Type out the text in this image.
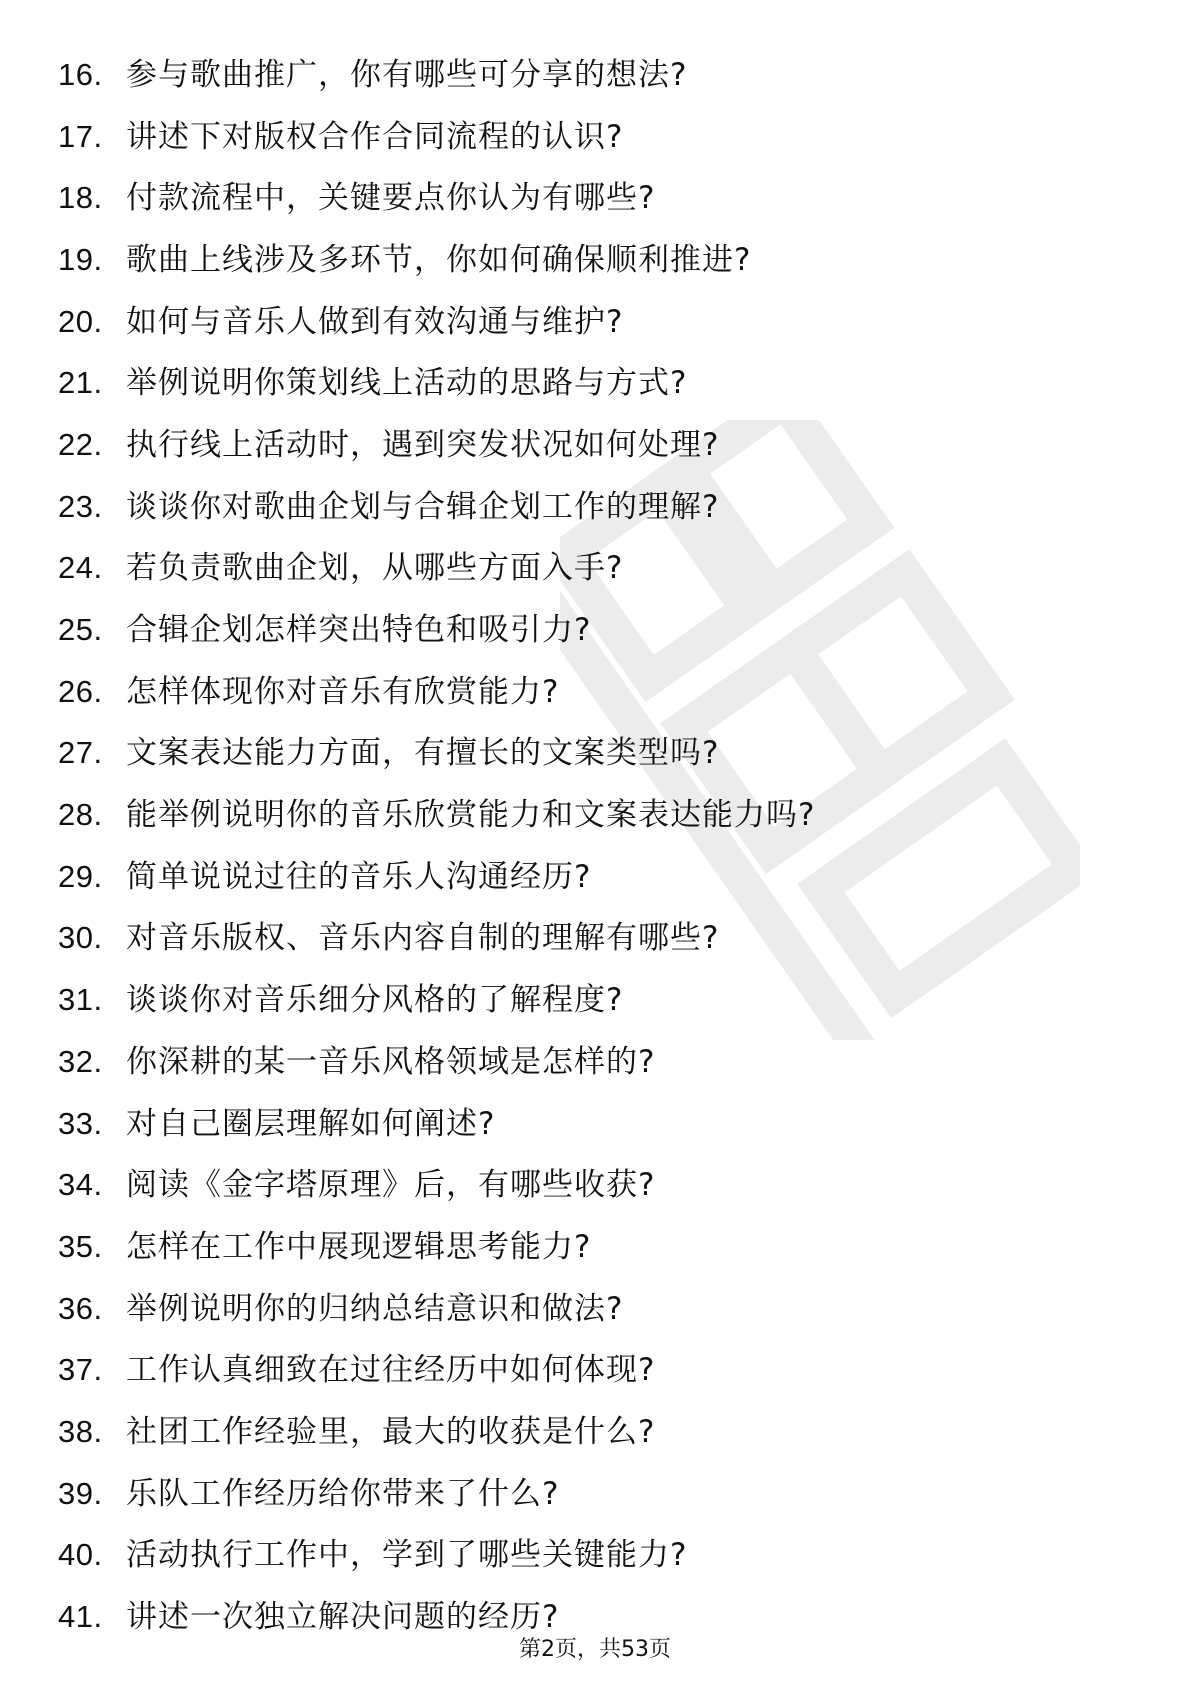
16. 参与歌曲推广，你有哪些可分享的想法?
17. 讲述下对版权合作合同流程的认识?
18. 付款流程中，关键要点你认为有哪些?
19. 歌曲上线涉及多环节，你如何确保顺利推进?
20. 如何与音乐人做到有效沟通与维护?
21. 举例说明你策划线上活动的思路与方式?
22. 执行线上活动时，遇到突发状况如何处理?
23. 谈谈你对歌曲企划与合辑企划工作的理解?
24. 若负责歌曲企划，从哪些方面入手?
25. 合辑企划怎样突出特色和吸引力?
26. 怎样体现你对音乐有欣赏能力?
27. 文案表达能力方面，有擅长的文案类型吗?
28. 能举例说明你的音乐欣赏能力和文案表达能力吗?
29. 简单说说过往的音乐人沟通经历?
30. 对音乐版权、音乐内容自制的理解有哪些?
31. 谈谈你对音乐细分风格的了解程度?
32. 你深耕的某一音乐风格领域是怎样的?
33. 对自己圈层理解如何阐述?
34. 阅读《金字塔原理》后，有哪些收获?
35. 怎样在工作中展现逻辑思考能力?
36. 举例说明你的归纳总结意识和做法?
37. 工作认真细致在过往经历中如何体现?
38. 社团工作经验里，最大的收获是什么?
39. 乐队工作经历给你带来了什么?
40. 活动执行工作中，学到了哪些关键能力?
41. 讲述一次独立解决问题的经历?
第2页，共53页
